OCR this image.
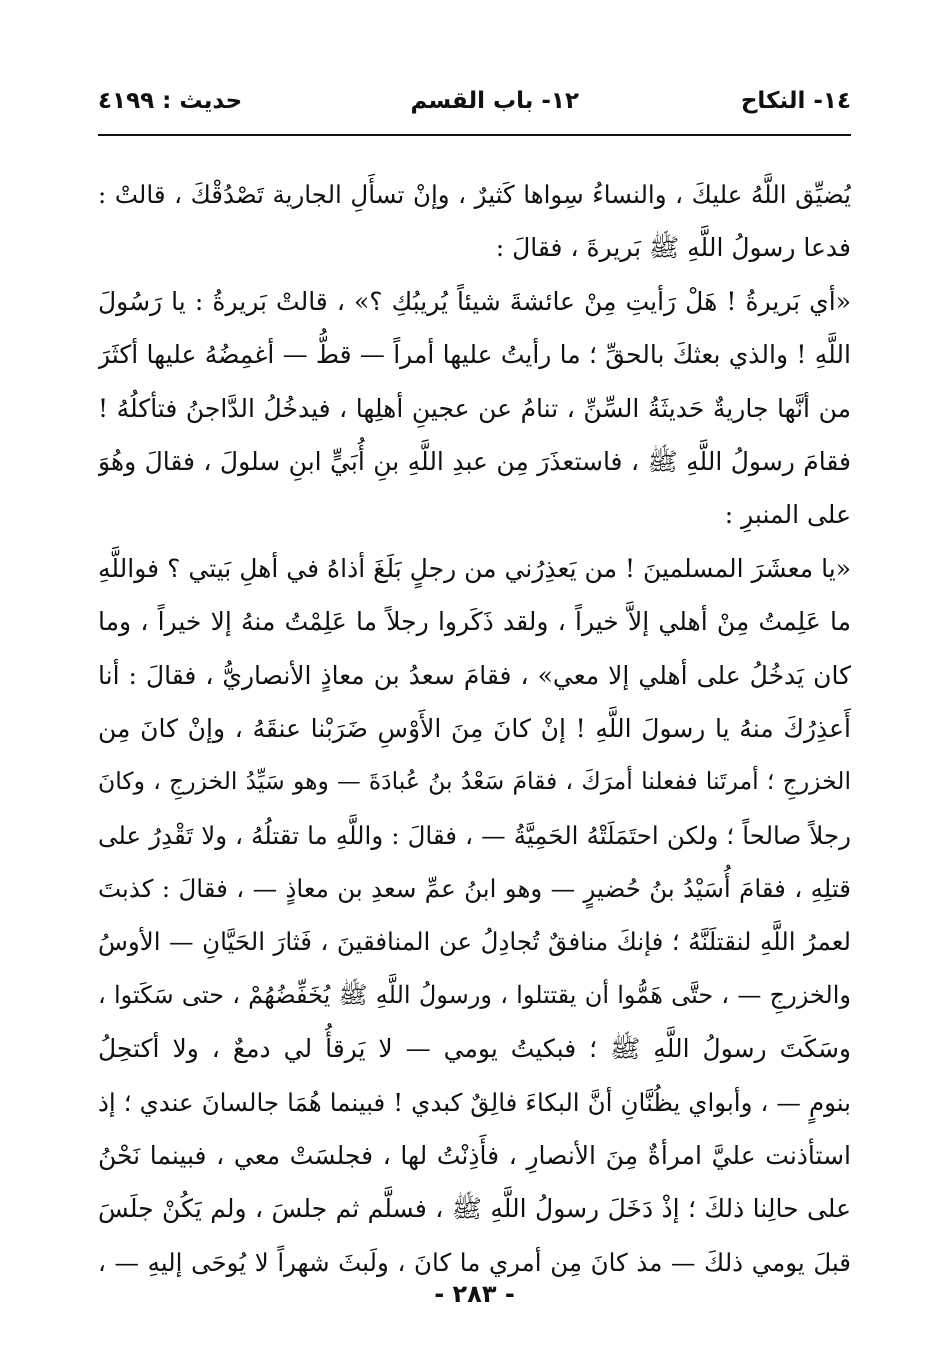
١٤- النكاح
١٢- باب القسم
حديث : ٤١٩٩
يُضيِّق اللَّهُ عليكَ ، والنساءُ سِواها كَثيرٌ ، وإنْ تسأَلِ الجارية تَصْدُقْكَ ، قالتْ :
فدعا رسولُ اللَّهِ ﷺ بَريرةَ ، فقالَ :
«أي بَريرةُ ! هَلْ رَأيتِ مِنْ عائشةَ شيئاً يُريبُكِ ؟» ، قالتْ بَريرةُ : يا رَسُولَ
اللَّهِ ! والذي بعثكَ بالحقِّ ؛ ما رأيتُ عليها أمراً — قطُّ — أغمِضُهُ عليها أكثَرَ
من أنَّها جاريةٌ حَديثَةُ السِّنِّ ، تنامُ عن عجينِ أهلِها ، فيدخُلُ الدَّاجنُ فتأكلُهُ !
فقامَ رسولُ اللَّهِ ﷺ ، فاستعذَرَ مِن عبدِ اللَّهِ بنِ أُبَيٍّ ابنِ سلولَ ، فقالَ وهُوَ
على المنبرِ :
«يا معشَرَ المسلمينَ ! من يَعذِرُني من رجلٍ بَلَغَ أذاهُ في أهلِ بَيتي ؟ فواللَّهِ
ما عَلِمتُ مِنْ أهلي إلاَّ خيراً ، ولقد ذَكَروا رجلاً ما عَلِمْتُ منهُ إلا خيراً ، وما
كان يَدخُلُ على أهلي إلا معي» ، فقامَ سعدُ بن معاذٍ الأنصاريُّ ، فقالَ : أنا
أَعذِرُكَ منهُ يا رسولَ اللَّهِ ! إنْ كانَ مِنَ الأَوْسِ ضَرَبْنا عنقَهُ ، وإنْ كانَ مِن
الخزرجِ ؛ أمرتَنا ففعلنا أمرَكَ ، فقامَ سَعْدُ بنُ عُبادَةَ — وهو سَيِّدُ الخزرجِ ، وكانَ
رجلاً صالحاً ؛ ولكن احتَمَلَتْهُ الحَمِيَّةُ — ، فقالَ : واللَّهِ ما تقتلُهُ ، ولا تَقْدِرُ على
قتلِهِ ، فقامَ أُسَيْدُ بنُ حُضيرٍ — وهو ابنُ عمِّ سعدِ بن معاذٍ — ، فقالَ : كذبتَ
لعمرُ اللَّهِ لنقتلَنَّهُ ؛ فإنكَ منافقٌ تُجادِلُ عن المنافقينَ ، فَثارَ الحَيَّانِ — الأوسُ
والخزرجِ — ، حتَّى هَمُّوا أن يقتتلوا ، ورسولُ اللَّهِ ﷺ يُخَفِّضُهُمْ ، حتى سَكَتوا ،
وسَكَتَ رسولُ اللَّهِ ﷺ ؛ فبكيتُ يومي — لا يَرقأُ لي دمعٌ ، ولا أكتحِلُ
بنومٍ — ، وأبواي يظُنَّانِ أنَّ البكاءَ فالِقٌ كبدي ! فبينما هُمَا جالسانَ عندي ؛ إذ
استأذنت عليَّ امرأةٌ مِنَ الأنصارِ ، فأَذِنْتُ لها ، فجلسَتْ معي ، فبينما نَحْنُ
على حالِنا ذلكَ ؛ إذْ دَخَلَ رسولُ اللَّهِ ﷺ ، فسلَّم ثم جلسَ ، ولم يَكُنْ جلَسَ
قبلَ يومي ذلكَ — مذ كانَ مِن أمري ما كانَ ، ولَبثَ شهراً لا يُوحَى إليهِ — ،
- ٢٨٣ -
